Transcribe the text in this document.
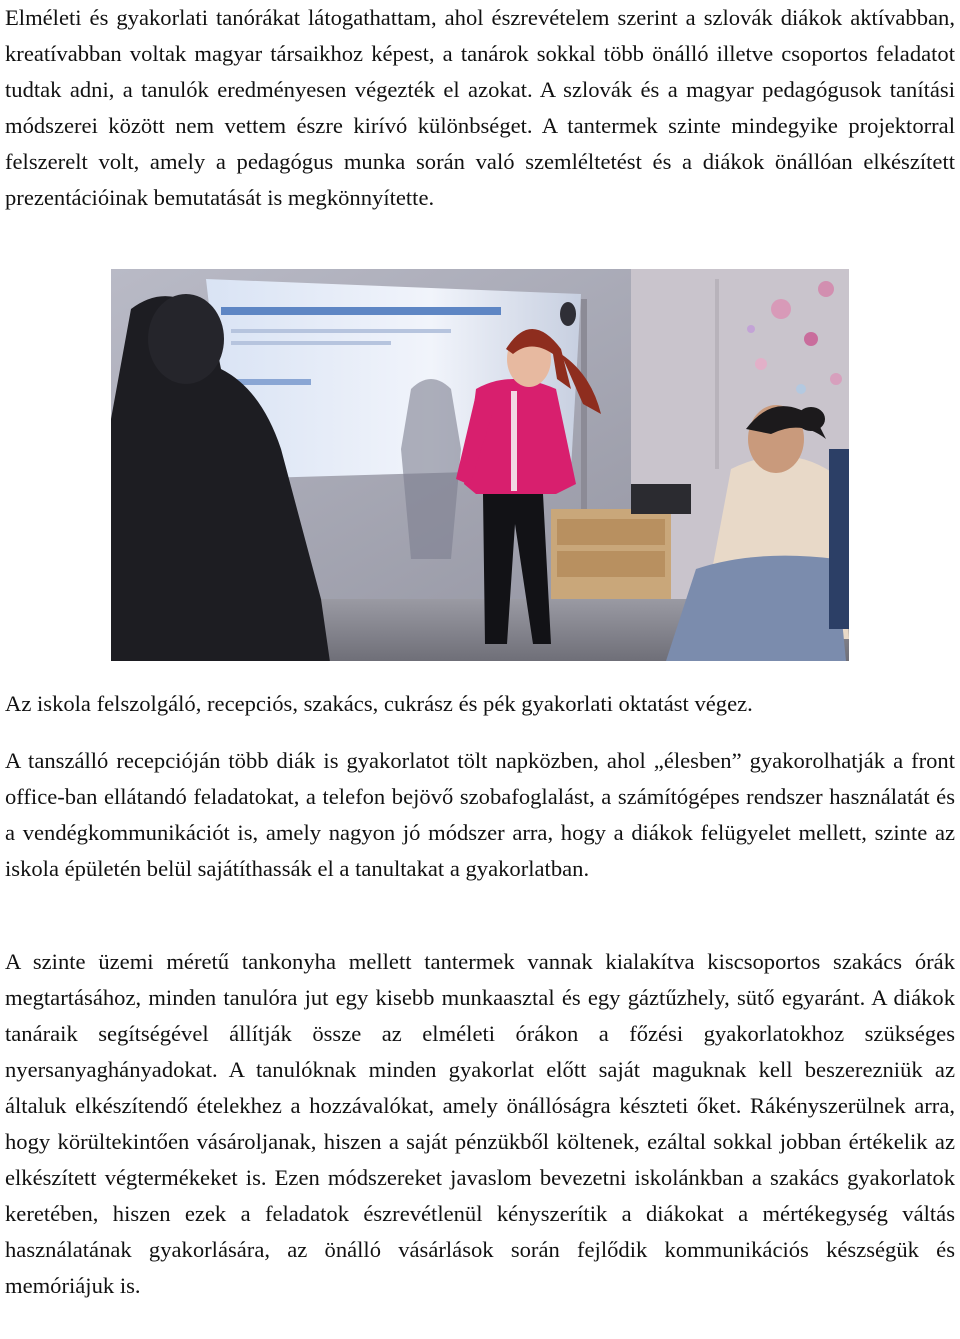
Elméleti és gyakorlati tanórákat látogathattam, ahol észrevételem szerint a szlovák diákok aktívabban, kreatívabban voltak magyar társaikhoz képest, a tanárok sokkal több önálló illetve csoportos feladatot tudtak adni, a tanulók eredményesen végezték el azokat. A szlovák és a magyar pedagógusok tanítási módszerei között nem vettem észre kirívó különbséget. A tantermek szinte mindegyike projektorral felszerelt volt, amely a pedagógus munka során való szemléltetést és a diákok önállóan elkészített prezentációinak bemutatását is megkönnyítette.

Az iskola felszolgáló, recepciós, szakács, cukrász és pék gyakorlati oktatást végez.

A tanszálló recepcióján több diák is gyakorlatot tölt napközben, ahol „élesben” gyakorolhatják a front office-ban ellátandó feladatokat, a telefon bejövő szobafoglalást, a számítógépes rendszer használatát és a vendégkommunikációt is, amely nagyon jó módszer arra, hogy a diákok felügyelet mellett, szinte az iskola épületén belül sajátíthassák el a tanultakat a gyakorlatban.

A szinte üzemi méretű tankonyha mellett tantermek vannak kialakítva kiscsoportos szakács órák megtartásához, minden tanulóra jut egy kisebb munkaasztal és egy gáztűzhely, sütő egyaránt. A diákok tanáraik segítségével állítják össze az elméleti órákon a főzési gyakorlatokhoz szükséges nyersanyaghányadokat. A tanulóknak minden gyakorlat előtt saját maguknak kell beszerezniük az általuk elkészítendő ételekhez a hozzávalókat, amely önállóságra készteti őket. Rákényszerülnek arra, hogy körültekintően vásároljanak, hiszen a saját pénzükből költenek, ezáltal sokkal jobban értékelik az elkészített végtermékeket is. Ezen módszereket javaslom bevezetni iskolánkban a szakács gyakorlatok keretében, hiszen ezek a feladatok észrevétlenül kényszerítik a diákokat a mértékegység váltás használatának gyakorlására, az önálló vásárlások során fejlődik kommunikációs készségük és memóriájuk is.
